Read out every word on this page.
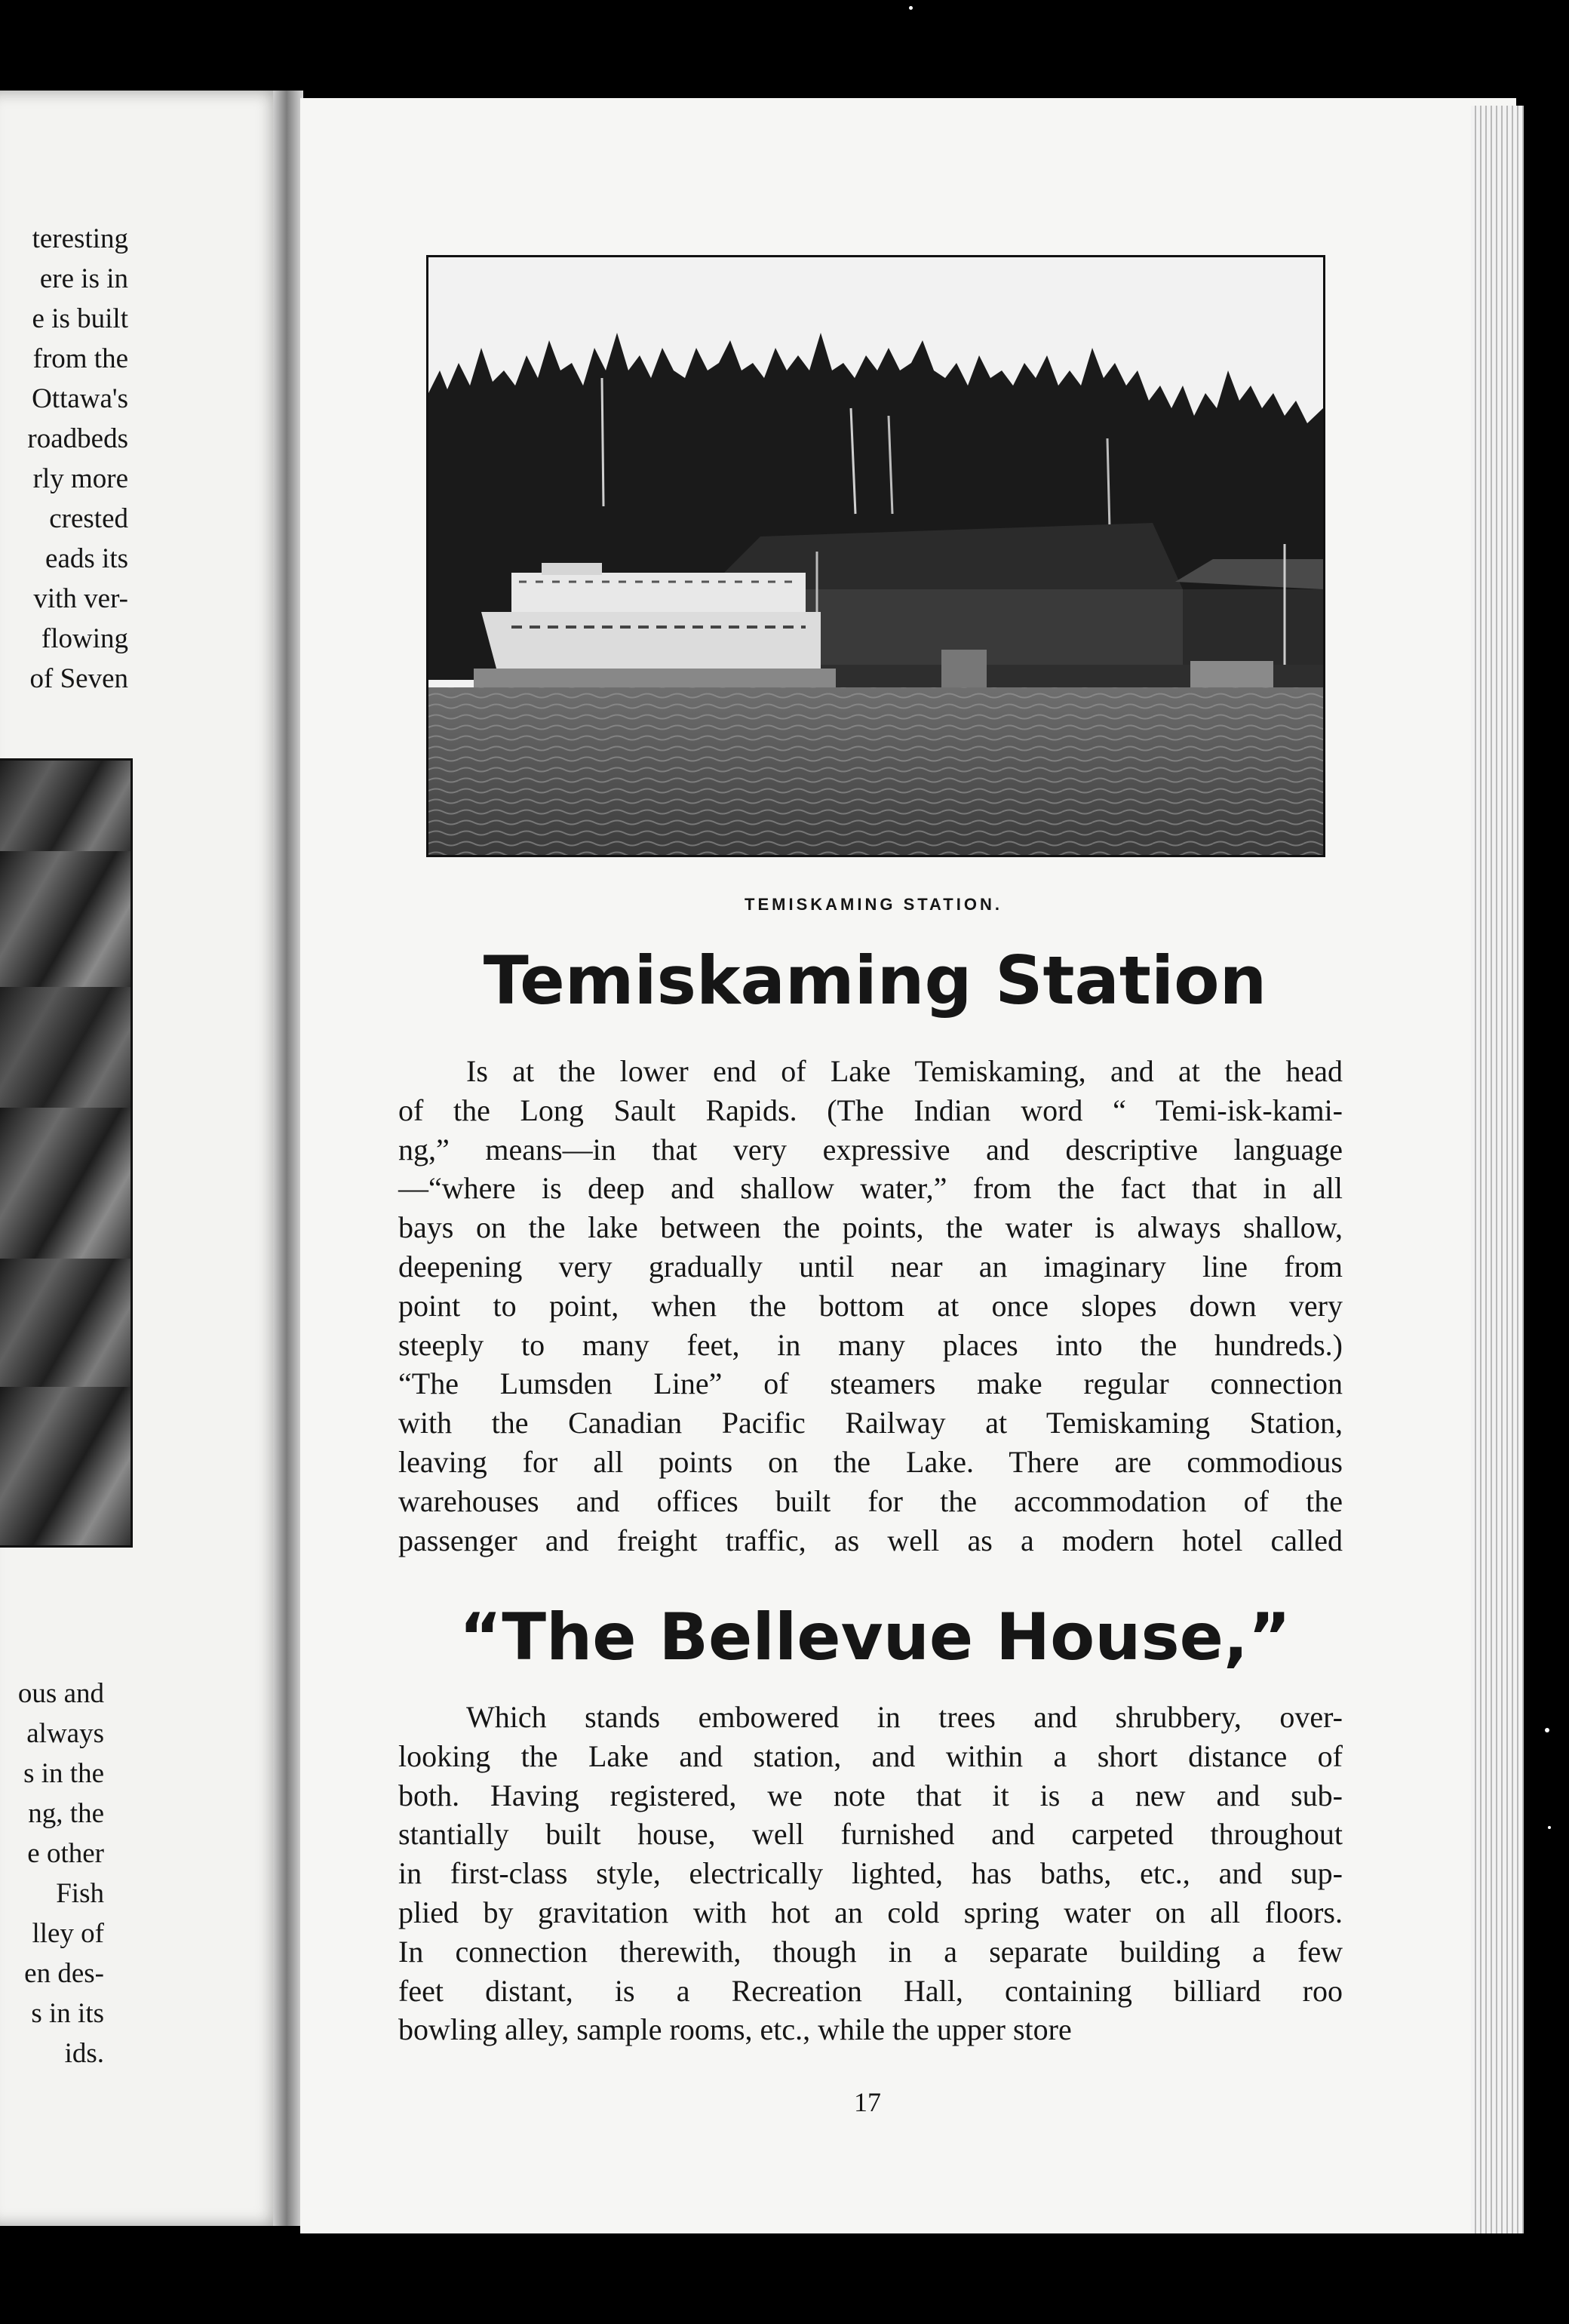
teresting
ere is in
e is built
from the
Ottawa's
roadbeds
rly more
crested
eads its
vith ver-
flowing
of Seven
ous and
always
s in the
ng, the
e other
Fish
lley of
en des-
s in its
ids.
TEMISKAMING STATION.
Temiskaming Station
Is at the lower end of Lake Temiskaming, and at the head
of the Long Sault Rapids. (The Indian word “ Temi-isk-kami-
ng,” means—in that very expressive and descriptive language
—“where is deep and shallow water,” from the fact that in all
bays on the lake between the points, the water is always shallow,
deepening very gradually until near an imaginary line from
point to point, when the bottom at once slopes down very
steeply to many feet, in many places into the hundreds.)
“The Lumsden Line” of steamers make regular connection
with the Canadian Pacific Railway at Temiskaming Station,
leaving for all points on the Lake. There are commodious
warehouses and offices built for the accommodation of the
passenger and freight traffic, as well as a modern hotel called
“The Bellevue House,”
Which stands embowered in trees and shrubbery, over-
looking the Lake and station, and within a short distance of
both. Having registered, we note that it is a new and sub-
stantially built house, well furnished and carpeted throughout
in first-class style, electrically lighted, has baths, etc., and sup-
plied by gravitation with hot an cold spring water on all floors.
In connection therewith, though in a separate building a few
feet distant, is a Recreation Hall, containing billiard roo
bowling alley, sample rooms, etc., while the upper store
17
